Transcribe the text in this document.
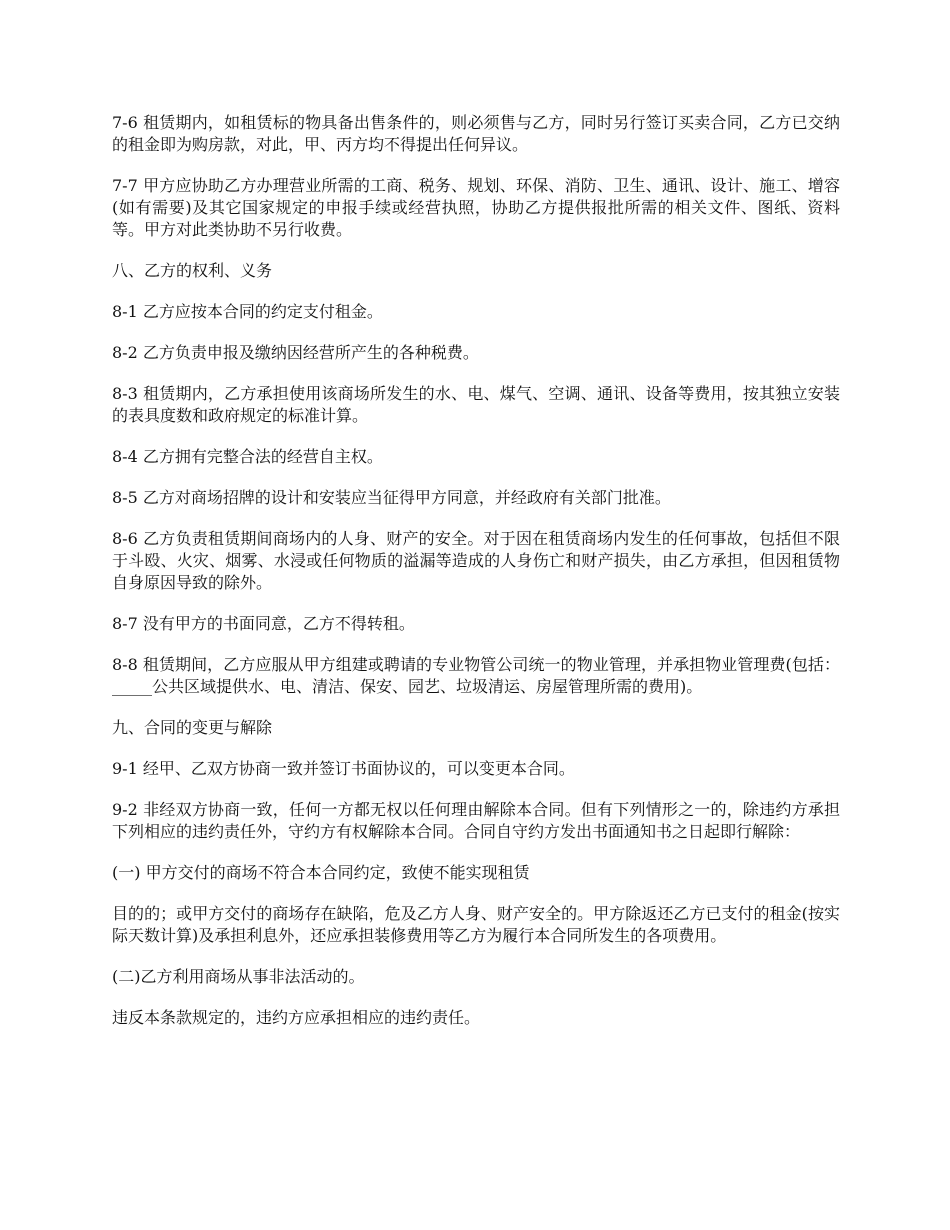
7-6 租赁期内，如租赁标的物具备出售条件的，则必须售与乙方，同时另行签订买卖合同，乙方已交纳的租金即为购房款，对此，甲、丙方均不得提出任何异议。

7-7 甲方应协助乙方办理营业所需的工商、税务、规划、环保、消防、卫生、通讯、设计、施工、增容(如有需要)及其它国家规定的申报手续或经营执照，协助乙方提供报批所需的相关文件、图纸、资料等。甲方对此类协助不另行收费。

八、乙方的权利、义务

8-1 乙方应按本合同的约定支付租金。

8-2 乙方负责申报及缴纳因经营所产生的各种税费。

8-3 租赁期内，乙方承担使用该商场所发生的水、电、煤气、空调、通讯、设备等费用，按其独立安装的表具度数和政府规定的标准计算。

8-4 乙方拥有完整合法的经营自主权。

8-5 乙方对商场招牌的设计和安装应当征得甲方同意，并经政府有关部门批准。

8-6 乙方负责租赁期间商场内的人身、财产的安全。对于因在租赁商场内发生的任何事故，包括但不限于斗殴、火灾、烟雾、水浸或任何物质的溢漏等造成的人身伤亡和财产损失，由乙方承担，但因租赁物自身原因导致的除外。

8-7 没有甲方的书面同意，乙方不得转租。

8-8 租赁期间，乙方应服从甲方组建或聘请的专业物管公司统一的物业管理，并承担物业管理费(包括：_____公共区域提供水、电、清洁、保安、园艺、垃圾清运、房屋管理所需的费用)。

九、合同的变更与解除

9-1 经甲、乙双方协商一致并签订书面协议的，可以变更本合同。

9-2 非经双方协商一致，任何一方都无权以任何理由解除本合同。但有下列情形之一的，除违约方承担下列相应的违约责任外，守约方有权解除本合同。合同自守约方发出书面通知书之日起即行解除：

(一) 甲方交付的商场不符合本合同约定，致使不能实现租赁

目的的；或甲方交付的商场存在缺陷，危及乙方人身、财产安全的。甲方除返还乙方已支付的租金(按实际天数计算)及承担利息外，还应承担装修费用等乙方为履行本合同所发生的各项费用。

(二)乙方利用商场从事非法活动的。

违反本条款规定的，违约方应承担相应的违约责任。
